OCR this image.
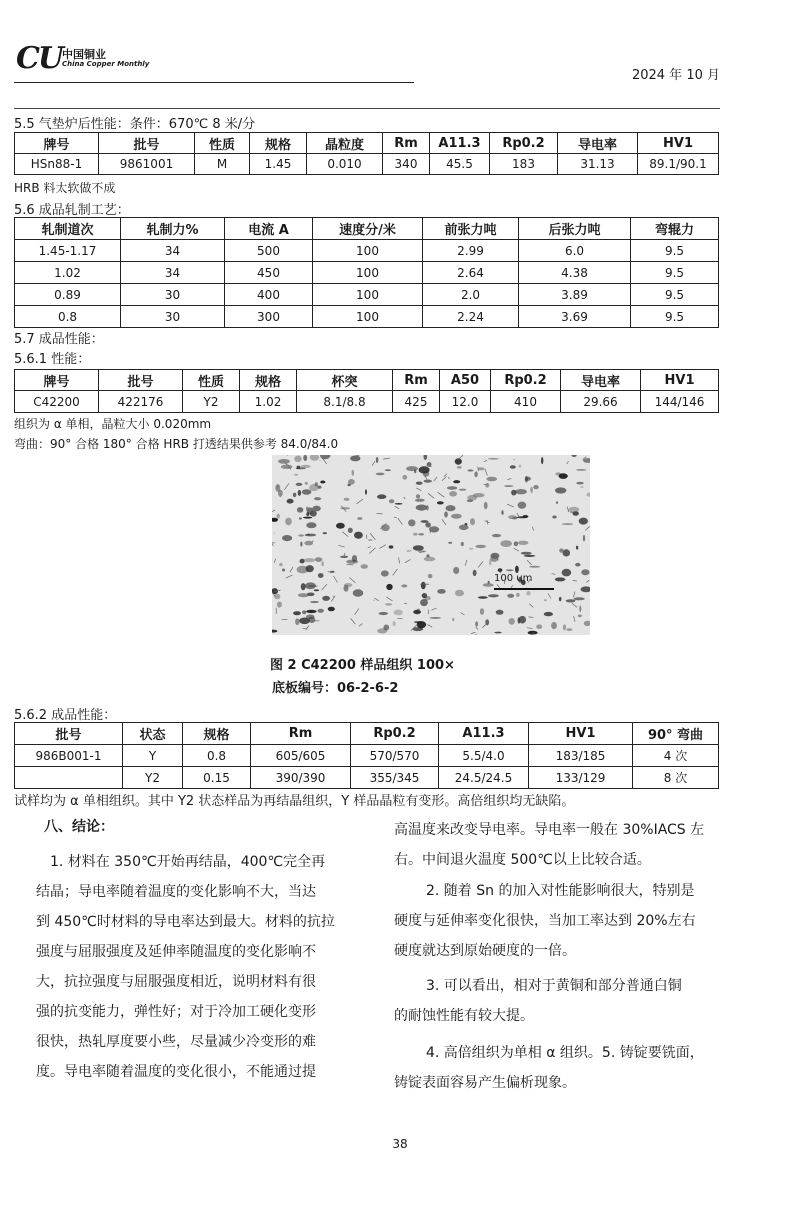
CU 中国铜业
China Copper Monthly
2024 年 10 月
5.5 气垫炉后性能：条件：670℃ 8 米/分
牌号	批号	性质	规格	晶粒度	Rm	A11.3	Rp0.2	导电率	HV1
HSn88-1	9861001	M	1.45	0.010	340	45.5	183	31.13	89.1/90.1
HRB 料太软做不成
5.6 成品轧制工艺：
轧制道次	轧制力%	电流 A	速度分/米	前张力吨	后张力吨	弯辊力
1.45-1.17	34	500	100	2.99	6.0	9.5
1.02	34	450	100	2.64	4.38	9.5
0.89	30	400	100	2.0	3.89	9.5
0.8	30	300	100	2.24	3.69	9.5
5.7 成品性能：
5.6.1 性能：
牌号	批号	性质	规格	杯突	Rm	A50	Rp0.2	导电率	HV1
C42200	422176	Y2	1.02	8.1/8.8	425	12.0	410	29.66	144/146
组织为 α 单相，晶粒大小 0.020mm
弯曲：90° 合格 180° 合格 HRB 打透结果供参考 84.0/84.0
100 um
图 2 C42200 样品组织 100×
底板编号：06-2-6-2
5.6.2 成品性能：
批号	状态	规格	Rm	Rp0.2	A11.3	HV1	90° 弯曲
986B001-1	Y	0.8	605/605	570/570	5.5/4.0	183/185	4 次
	Y2	0.15	390/390	355/345	24.5/24.5	133/129	8 次
试样均为 α 单相组织。其中 Y2 状态样品为再结晶组织，Y 样品晶粒有变形。高倍组织均无缺陷。
八、结论：
1. 材料在 350℃开始再结晶，400℃完全再
结晶；导电率随着温度的变化影响不大，当达
到 450℃时材料的导电率达到最大。材料的抗拉
强度与屈服强度及延伸率随温度的变化影响不
大，抗拉强度与屈服强度相近，说明材料有很
强的抗变能力，弹性好；对于冷加工硬化变形
很快，热轧厚度要小些，尽量减少冷变形的难
度。导电率随着温度的变化很小，不能通过提
高温度来改变导电率。导电率一般在 30%IACS 左
右。中间退火温度 500℃以上比较合适。
2. 随着 Sn 的加入对性能影响很大，特别是
硬度与延伸率变化很快，当加工率达到 20%左右
硬度就达到原始硬度的一倍。
3. 可以看出，相对于黄铜和部分普通白铜
的耐蚀性能有较大提。
4. 高倍组织为单相 α 组织。5. 铸锭要铣面，
铸锭表面容易产生偏析现象。
38
